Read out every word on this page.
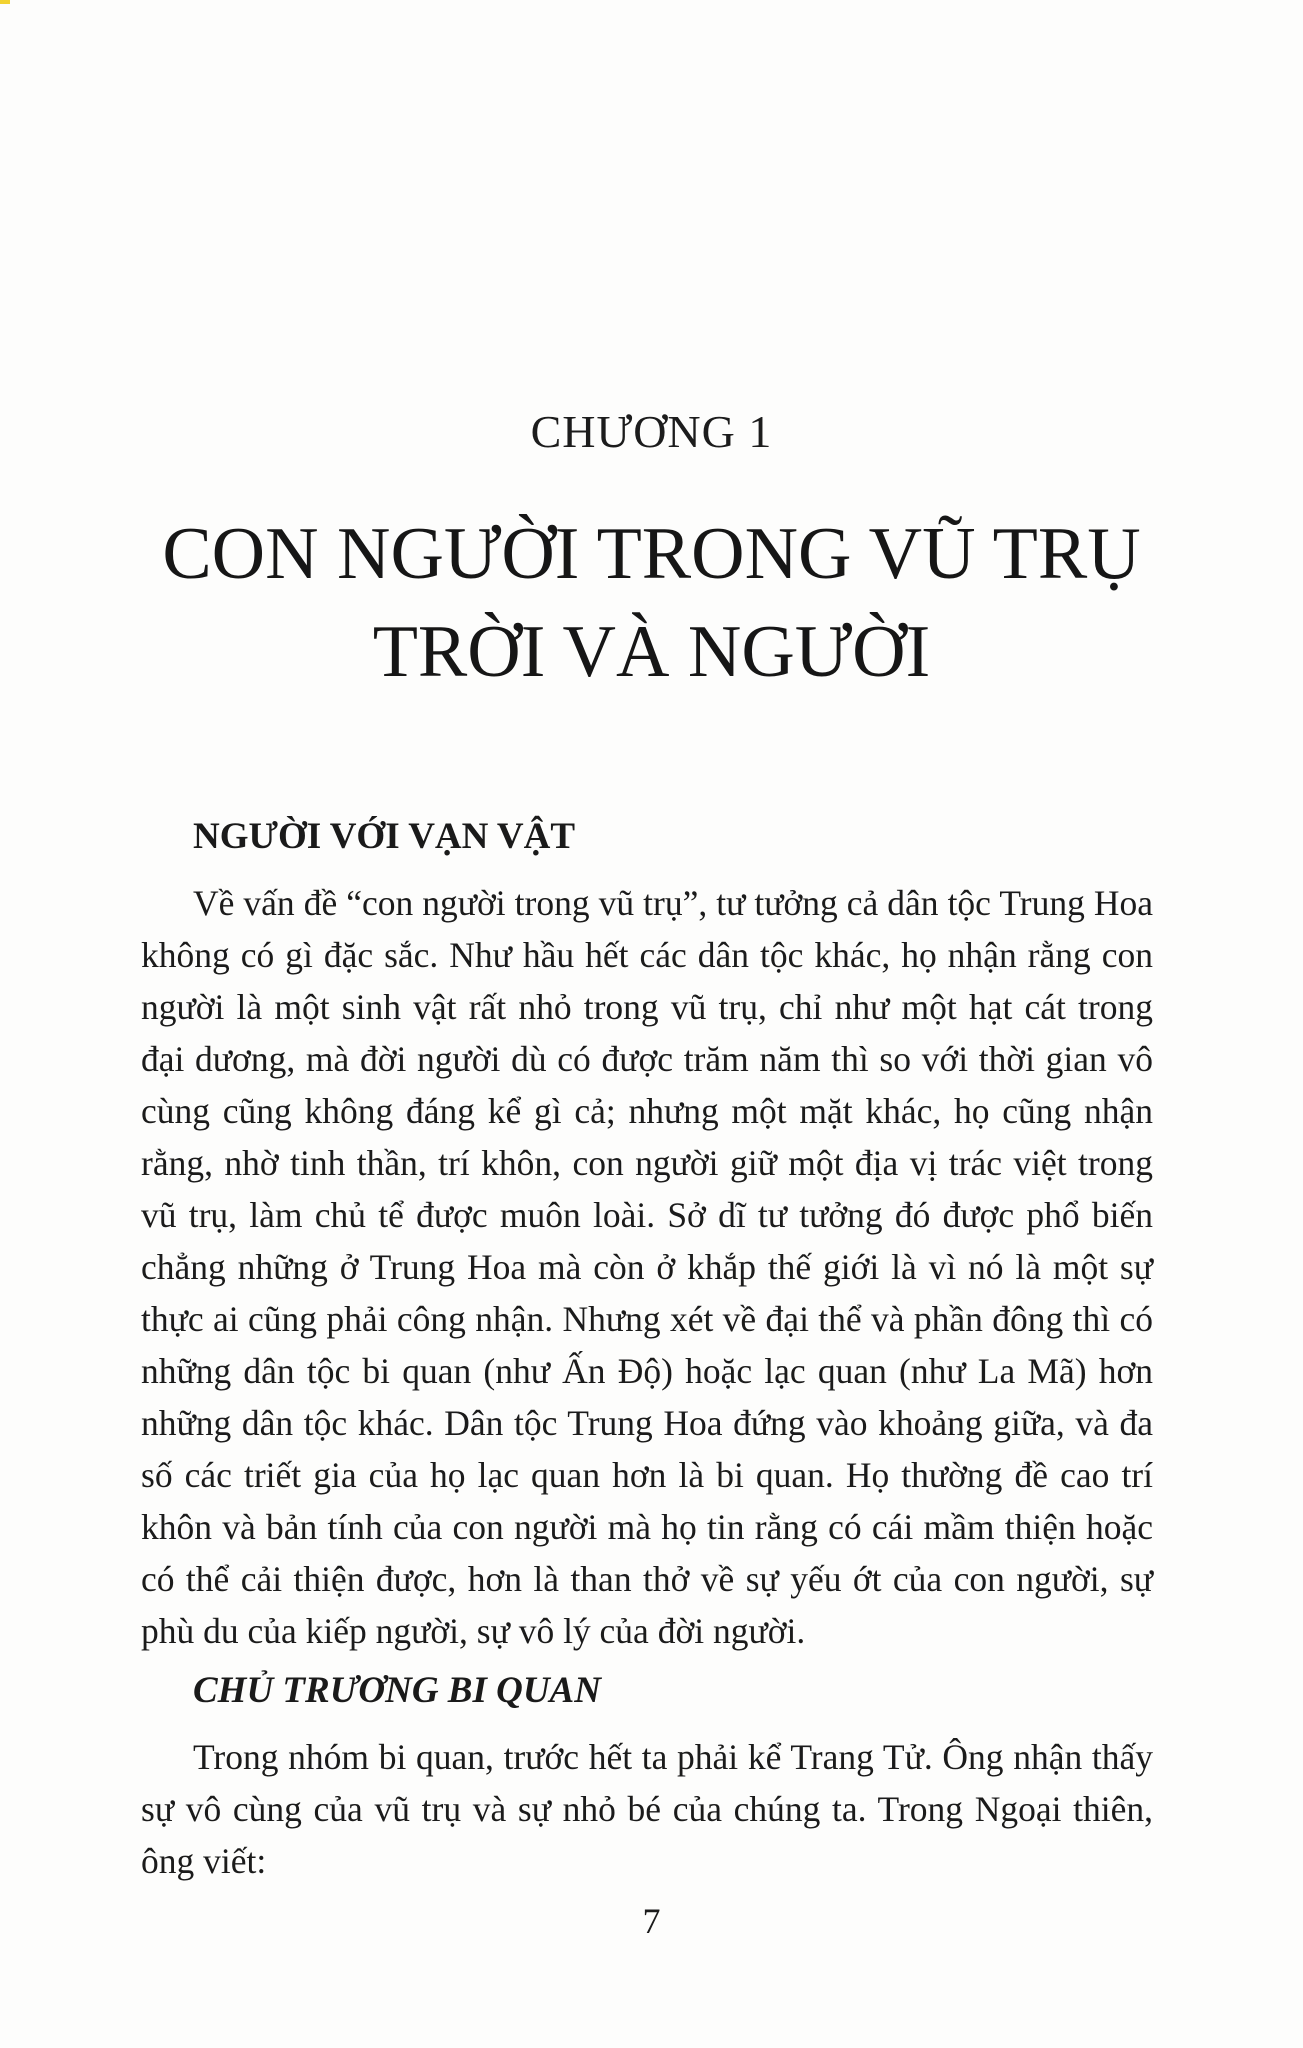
CHƯƠNG 1
CON NGƯỜI TRONG VŨ TRỤ
TRỜI VÀ NGƯỜI
NGƯỜI VỚI VẠN VẬT
Về vấn đề “con người trong vũ trụ”, tư tưởng cả dân tộc Trung Hoa không có gì đặc sắc. Như hầu hết các dân tộc khác, họ nhận rằng con người là một sinh vật rất nhỏ trong vũ trụ, chỉ như một hạt cát trong đại dương, mà đời người dù có được trăm năm thì so với thời gian vô cùng cũng không đáng kể gì cả; nhưng một mặt khác, họ cũng nhận rằng, nhờ tinh thần, trí khôn, con người giữ một địa vị trác việt trong vũ trụ, làm chủ tể được muôn loài. Sở dĩ tư tưởng đó được phổ biến chẳng những ở Trung Hoa mà còn ở khắp thế giới là vì nó là một sự thực ai cũng phải công nhận. Nhưng xét về đại thể và phần đông thì có những dân tộc bi quan (như Ấn Độ) hoặc lạc quan (như La Mã) hơn những dân tộc khác. Dân tộc Trung Hoa đứng vào khoảng giữa, và đa số các triết gia của họ lạc quan hơn là bi quan. Họ thường đề cao trí khôn và bản tính của con người mà họ tin rằng có cái mầm thiện hoặc có thể cải thiện được, hơn là than thở về sự yếu ớt của con người, sự phù du của kiếp người, sự vô lý của đời người.
CHỦ TRƯƠNG BI QUAN
Trong nhóm bi quan, trước hết ta phải kể Trang Tử. Ông nhận thấy sự vô cùng của vũ trụ và sự nhỏ bé của chúng ta. Trong Ngoại thiên, ông viết:
7
